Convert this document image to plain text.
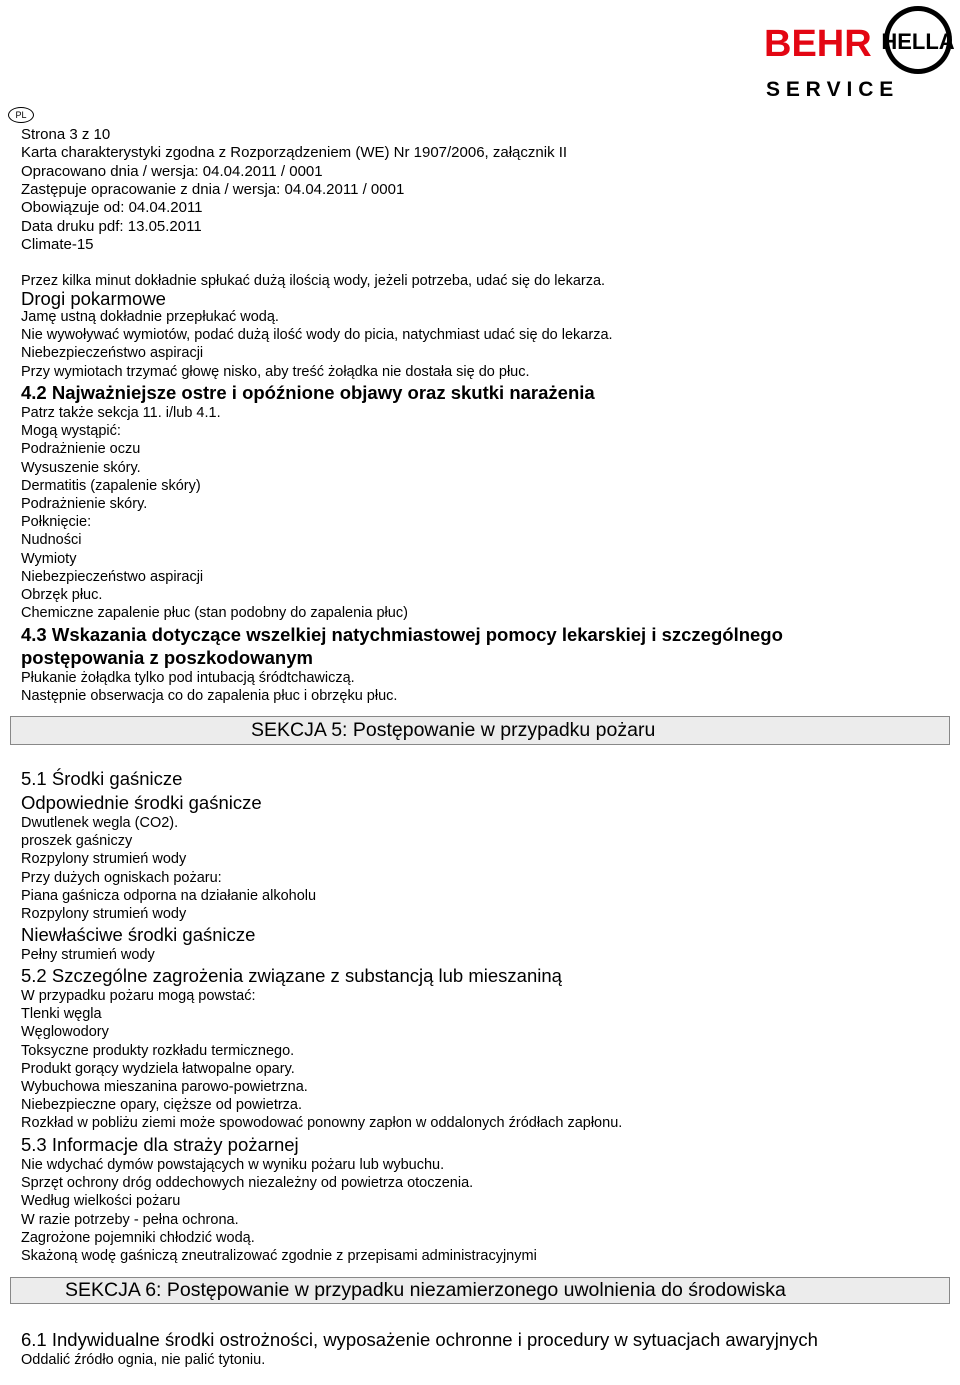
BEHR HELLA
S E R V I C E
PL
Strona 3 z 10
Karta charakterystyki zgodna z Rozporządzeniem (WE) Nr 1907/2006, załącznik II
Opracowano dnia / wersja: 04.04.2011 / 0001
Zastępuje opracowanie z dnia / wersja: 04.04.2011 / 0001
Obowiązuje od: 04.04.2011
Data druku pdf: 13.05.2011
Climate-15
Przez kilka minut dokładnie spłukać dużą ilością wody, jeżeli potrzeba, udać się do lekarza.
Drogi pokarmowe
Jamę ustną dokładnie przepłukać wodą.
Nie wywoływać wymiotów, podać dużą ilość wody do picia, natychmiast udać się do lekarza.
Niebezpieczeństwo aspiracji
Przy wymiotach trzymać głowę nisko, aby treść żołądka nie dostała się do płuc.
4.2 Najważniejsze ostre i opóźnione objawy oraz skutki narażenia
Patrz także sekcja 11. i/lub 4.1.
Mogą wystąpić:
Podrażnienie oczu
Wysuszenie skóry.
Dermatitis (zapalenie skóry)
Podrażnienie skóry.
Połknięcie:
Nudności
Wymioty
Niebezpieczeństwo aspiracji
Obrzęk płuc.
Chemiczne zapalenie płuc (stan podobny do zapalenia płuc)
4.3 Wskazania dotyczące wszelkiej natychmiastowej pomocy lekarskiej i szczególnego
postępowania z poszkodowanym
Płukanie żołądka tylko pod intubacją śródtchawiczą.
Następnie obserwacja co do zapalenia płuc i obrzęku płuc.
SEKCJA 5: Postępowanie w przypadku pożaru
5.1 Środki gaśnicze
Odpowiednie środki gaśnicze
Dwutlenek wegla (CO2).
proszek gaśniczy
Rozpylony strumień wody
Przy dużych ogniskach pożaru:
Piana gaśnicza odporna na działanie alkoholu
Rozpylony strumień wody
Niewłaściwe środki gaśnicze
Pełny strumień wody
5.2 Szczególne zagrożenia związane z substancją lub mieszaniną
W przypadku pożaru mogą powstać:
Tlenki węgla
Węglowodory
Toksyczne produkty rozkładu termicznego.
Produkt gorący wydziela łatwopalne opary.
Wybuchowa mieszanina parowo-powietrzna.
Niebezpieczne opary, cięższe od powietrza.
Rozkład w pobliżu ziemi może spowodować ponowny zapłon w oddalonych źródłach zapłonu.
5.3 Informacje dla straży pożarnej
Nie wdychać dymów powstających w wyniku pożaru lub wybuchu.
Sprzęt ochrony dróg oddechowych niezależny od powietrza otoczenia.
Według wielkości pożaru
W razie potrzeby - pełna ochrona.
Zagrożone pojemniki chłodzić wodą.
Skażoną wodę gaśniczą zneutralizować zgodnie z przepisami administracyjnymi
SEKCJA 6: Postępowanie w przypadku niezamierzonego uwolnienia do środowiska
6.1 Indywidualne środki ostrożności, wyposażenie ochronne i procedury w sytuacjach awaryjnych
Oddalić źródło ognia, nie palić tytoniu.
